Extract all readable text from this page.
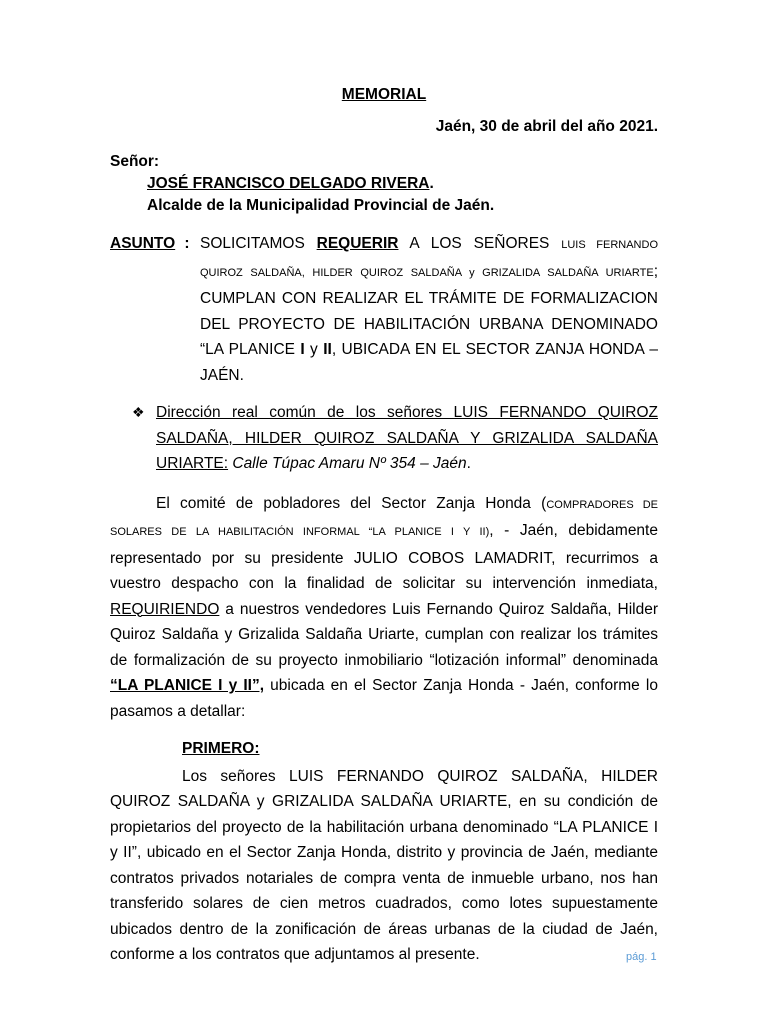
MEMORIAL
Jaén, 30 de abril del año 2021.
Señor:
JOSÉ FRANCISCO DELGADO RIVERA.
Alcalde de la Municipalidad Provincial de Jaén.
ASUNTO : SOLICITAMOS REQUERIR A LOS SEÑORES LUIS FERNANDO QUIROZ SALDAÑA, HILDER QUIROZ SALDAÑA y GRIZALIDA SALDAÑA URIARTE; CUMPLAN CON REALIZAR EL TRÁMITE DE FORMALIZACION DEL PROYECTO DE HABILITACIÓN URBANA DENOMINADO “LA PLANICE I y II, UBICADA EN EL SECTOR ZANJA HONDA – JAÉN.
❖ Dirección real común de los señores LUIS FERNANDO QUIROZ SALDAÑA, HILDER QUIROZ SALDAÑA Y GRIZALIDA SALDAÑA URIARTE: Calle Túpac Amaru Nº 354 – Jaén.

El comité de pobladores del Sector Zanja Honda (COMPRADORES DE SOLARES DE LA HABILITACIÓN INFORMAL “LA PLANICE I Y II), - Jaén, debidamente representado por su presidente JULIO COBOS LAMADRIT, recurrimos a vuestro despacho con la finalidad de solicitar su intervención inmediata, REQUIRIENDO a nuestros vendedores Luis Fernando Quiroz Saldaña, Hilder Quiroz Saldaña y Grizalida Saldaña Uriarte, cumplan con realizar los trámites de formalización de su proyecto inmobiliario “lotización informal” denominada “LA PLANICE I y II”, ubicada en el Sector Zanja Honda - Jaén, conforme lo pasamos a detallar:

PRIMERO:

Los señores LUIS FERNANDO QUIROZ SALDAÑA, HILDER QUIROZ SALDAÑA y GRIZALIDA SALDAÑA URIARTE, en su condición de propietarios del proyecto de la habilitación urbana denominado “LA PLANICE I y II”, ubicado en el Sector Zanja Honda, distrito y provincia de Jaén, mediante contratos privados notariales de compra venta de inmueble urbano, nos han transferido solares de cien metros cuadrados, como lotes supuestamente ubicados dentro de la zonificación de áreas urbanas de la ciudad de Jaén, conforme a los contratos que adjuntamos al presente.	pág. 1
